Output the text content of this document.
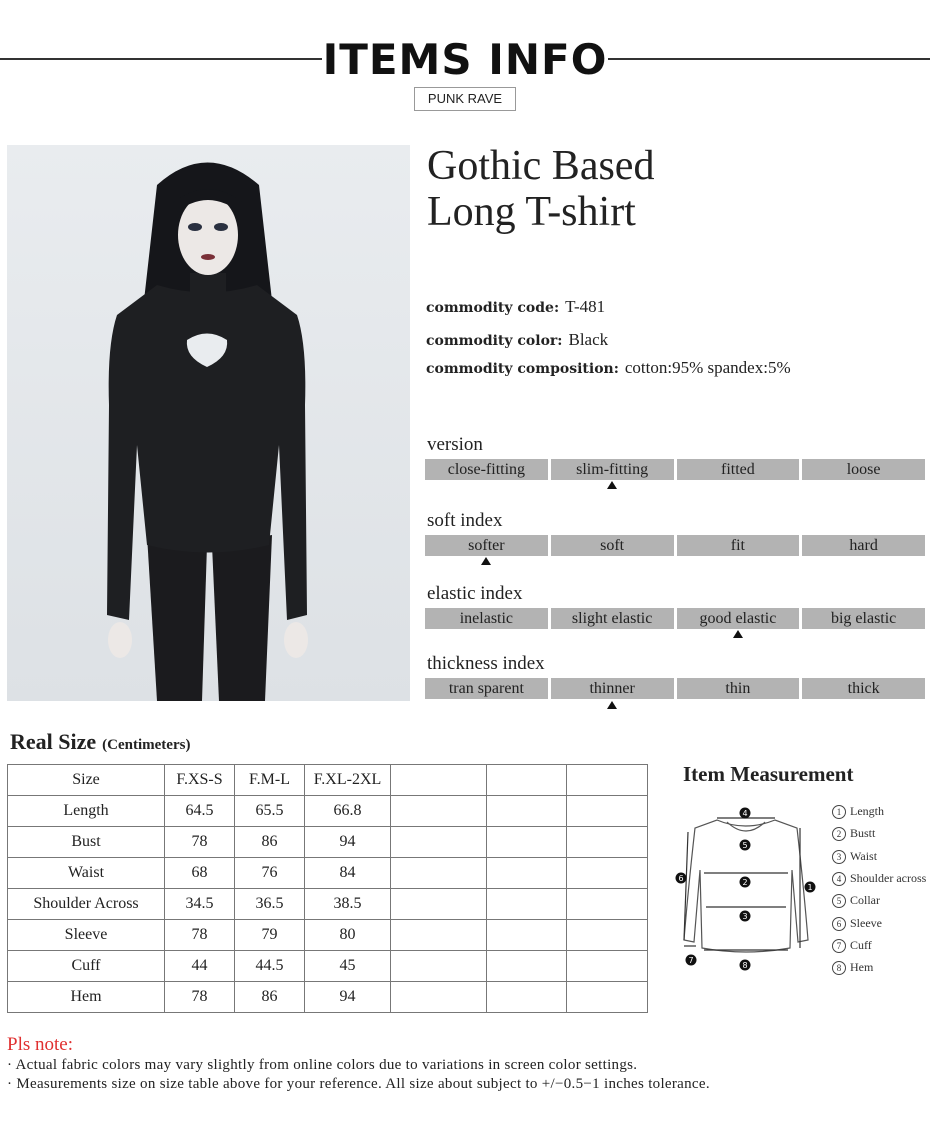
ITEMS INFO
PUNK RAVE
Gothic Based
Long T-shirt
commodity code: T-481
commodity color: Black
commodity composition: cotton:95% spandex:5%
version
close-fitting	slim-fitting	fitted	loose
soft index
softer	soft	fit	hard
elastic index
inelastic	slight elastic	good elastic	big elastic
thickness index
tran sparent	thinner	thin	thick
Real Size (Centimeters)
Size	F.XS-S	F.M-L	F.XL-2XL			
Length	64.5	65.5	66.8			
Bust	78	86	94			
Waist	68	76	84			
Shoulder Across	34.5	36.5	38.5			
Sleeve	78	79	80			
Cuff	44	44.5	45			
Hem	78	86	94			
Item Measurement
4
5
2
3
8
1
6
7
1 Length
2 Bustt
3 Waist
4 Shoulder across
5 Collar
6 Sleeve
7 Cuff
8 Hem
Pls note:
· Actual fabric colors may vary slightly from online colors due to variations in screen color settings.
· Measurements size on size table above for your reference. All size about subject to +/−0.5−1 inches tolerance.
